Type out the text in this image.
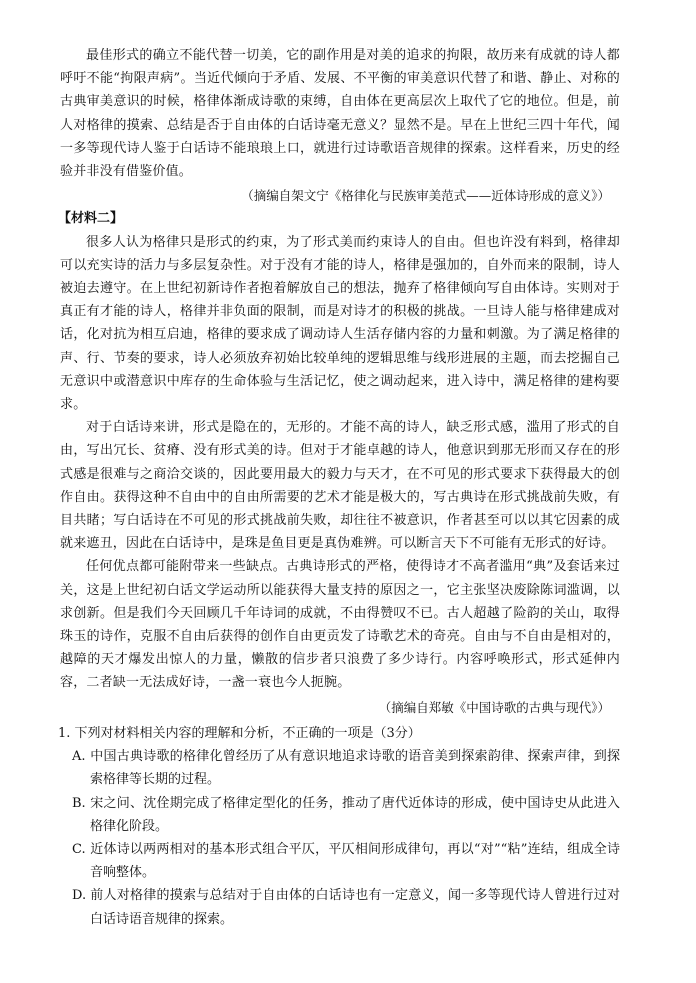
最佳形式的确立不能代替一切美，它的副作用是对美的追求的拘限，故历来有成就的诗人都呼吁不能“拘限声病”。当近代倾向于矛盾、发展、不平衡的审美意识代替了和谐、静止、对称的古典审美意识的时候，格律体渐成诗歌的束缚，自由体在更高层次上取代了它的地位。但是，前人对格律的摸索、总结是否于自由体的白话诗毫无意义？显然不是。早在上世纪三四十年代，闻一多等现代诗人鉴于白话诗不能琅琅上口，就进行过诗歌语音规律的探索。这样看来，历史的经验并非没有借鉴价值。

（摘编自架文宁《格律化与民族审美范式——近体诗形成的意义》）

【材料二】

很多人认为格律只是形式的约束，为了形式美而约束诗人的自由。但也许没有料到，格律却可以充实诗的活力与多层复杂性。对于没有才能的诗人，格律是强加的，自外而来的限制，诗人被迫去遵守。在上世纪初新诗作者抱着解放自己的想法，抛弃了格律倾向写自由体诗。实则对于真正有才能的诗人，格律并非负面的限制，而是对诗才的积极的挑战。一旦诗人能与格律建成对话，化对抗为相互启迪，格律的要求成了调动诗人生活存储内容的力量和刺激。为了满足格律的声、行、节奏的要求，诗人必须放弃初始比较单纯的逻辑思维与线形进展的主题，而去挖掘自己无意识中或潜意识中库存的生命体验与生活记忆，使之调动起来，进入诗中，满足格律的建构要求。

对于白话诗来讲，形式是隐在的，无形的。才能不高的诗人，缺乏形式感，滥用了形式的自由，写出冗长、贫瘠、没有形式美的诗。但对于才能卓越的诗人，他意识到那无形而又存在的形式感是很难与之商洽交谈的，因此要用最大的毅力与天才，在不可见的形式要求下获得最大的创作自由。获得这种不自由中的自由所需要的艺术才能是极大的，写古典诗在形式挑战前失败，有目共睹；写白话诗在不可见的形式挑战前失败，却往往不被意识，作者甚至可以以其它因素的成就来遮丑，因此在白话诗中，是珠是鱼目更是真伪难辨。可以断言天下不可能有无形式的好诗。

任何优点都可能附带来一些缺点。古典诗形式的严格，使得诗才不高者滥用“典”及套话来过关，这是上世纪初白话文学运动所以能获得大量支持的原因之一，它主张坚决废除陈词滥调，以求创新。但是我们今天回顾几千年诗词的成就，不由得赞叹不已。古人超越了险韵的关山，取得珠玉的诗作，克服不自由后获得的创作自由更贡发了诗歌艺术的奇亮。自由与不自由是相对的，越障的天才爆发出惊人的力量，懒散的信步者只浪费了多少诗行。内容呼唤形式，形式延伸内容，二者缺一无法成好诗，一盏一衰也今人扼腕。

（摘编自郑敏《中国诗歌的古典与现代》）

1. 下列对材料相关内容的理解和分析，不正确的一项是（3分）

A. 中国古典诗歌的格律化曾经历了从有意识地追求诗歌的语音美到探索韵律、探索声律，到探索格律等长期的过程。

B. 宋之问、沈佺期完成了格律定型化的任务，推动了唐代近体诗的形成，使中国诗史从此进入格律化阶段。

C. 近体诗以两两相对的基本形式组合平仄，平仄相间形成律句，再以“对”“粘”连结，组成全诗音响整体。

D. 前人对格律的摸索与总结对于自由体的白话诗也有一定意义，闻一多等现代诗人曾进行过对白话诗语音规律的探索。
